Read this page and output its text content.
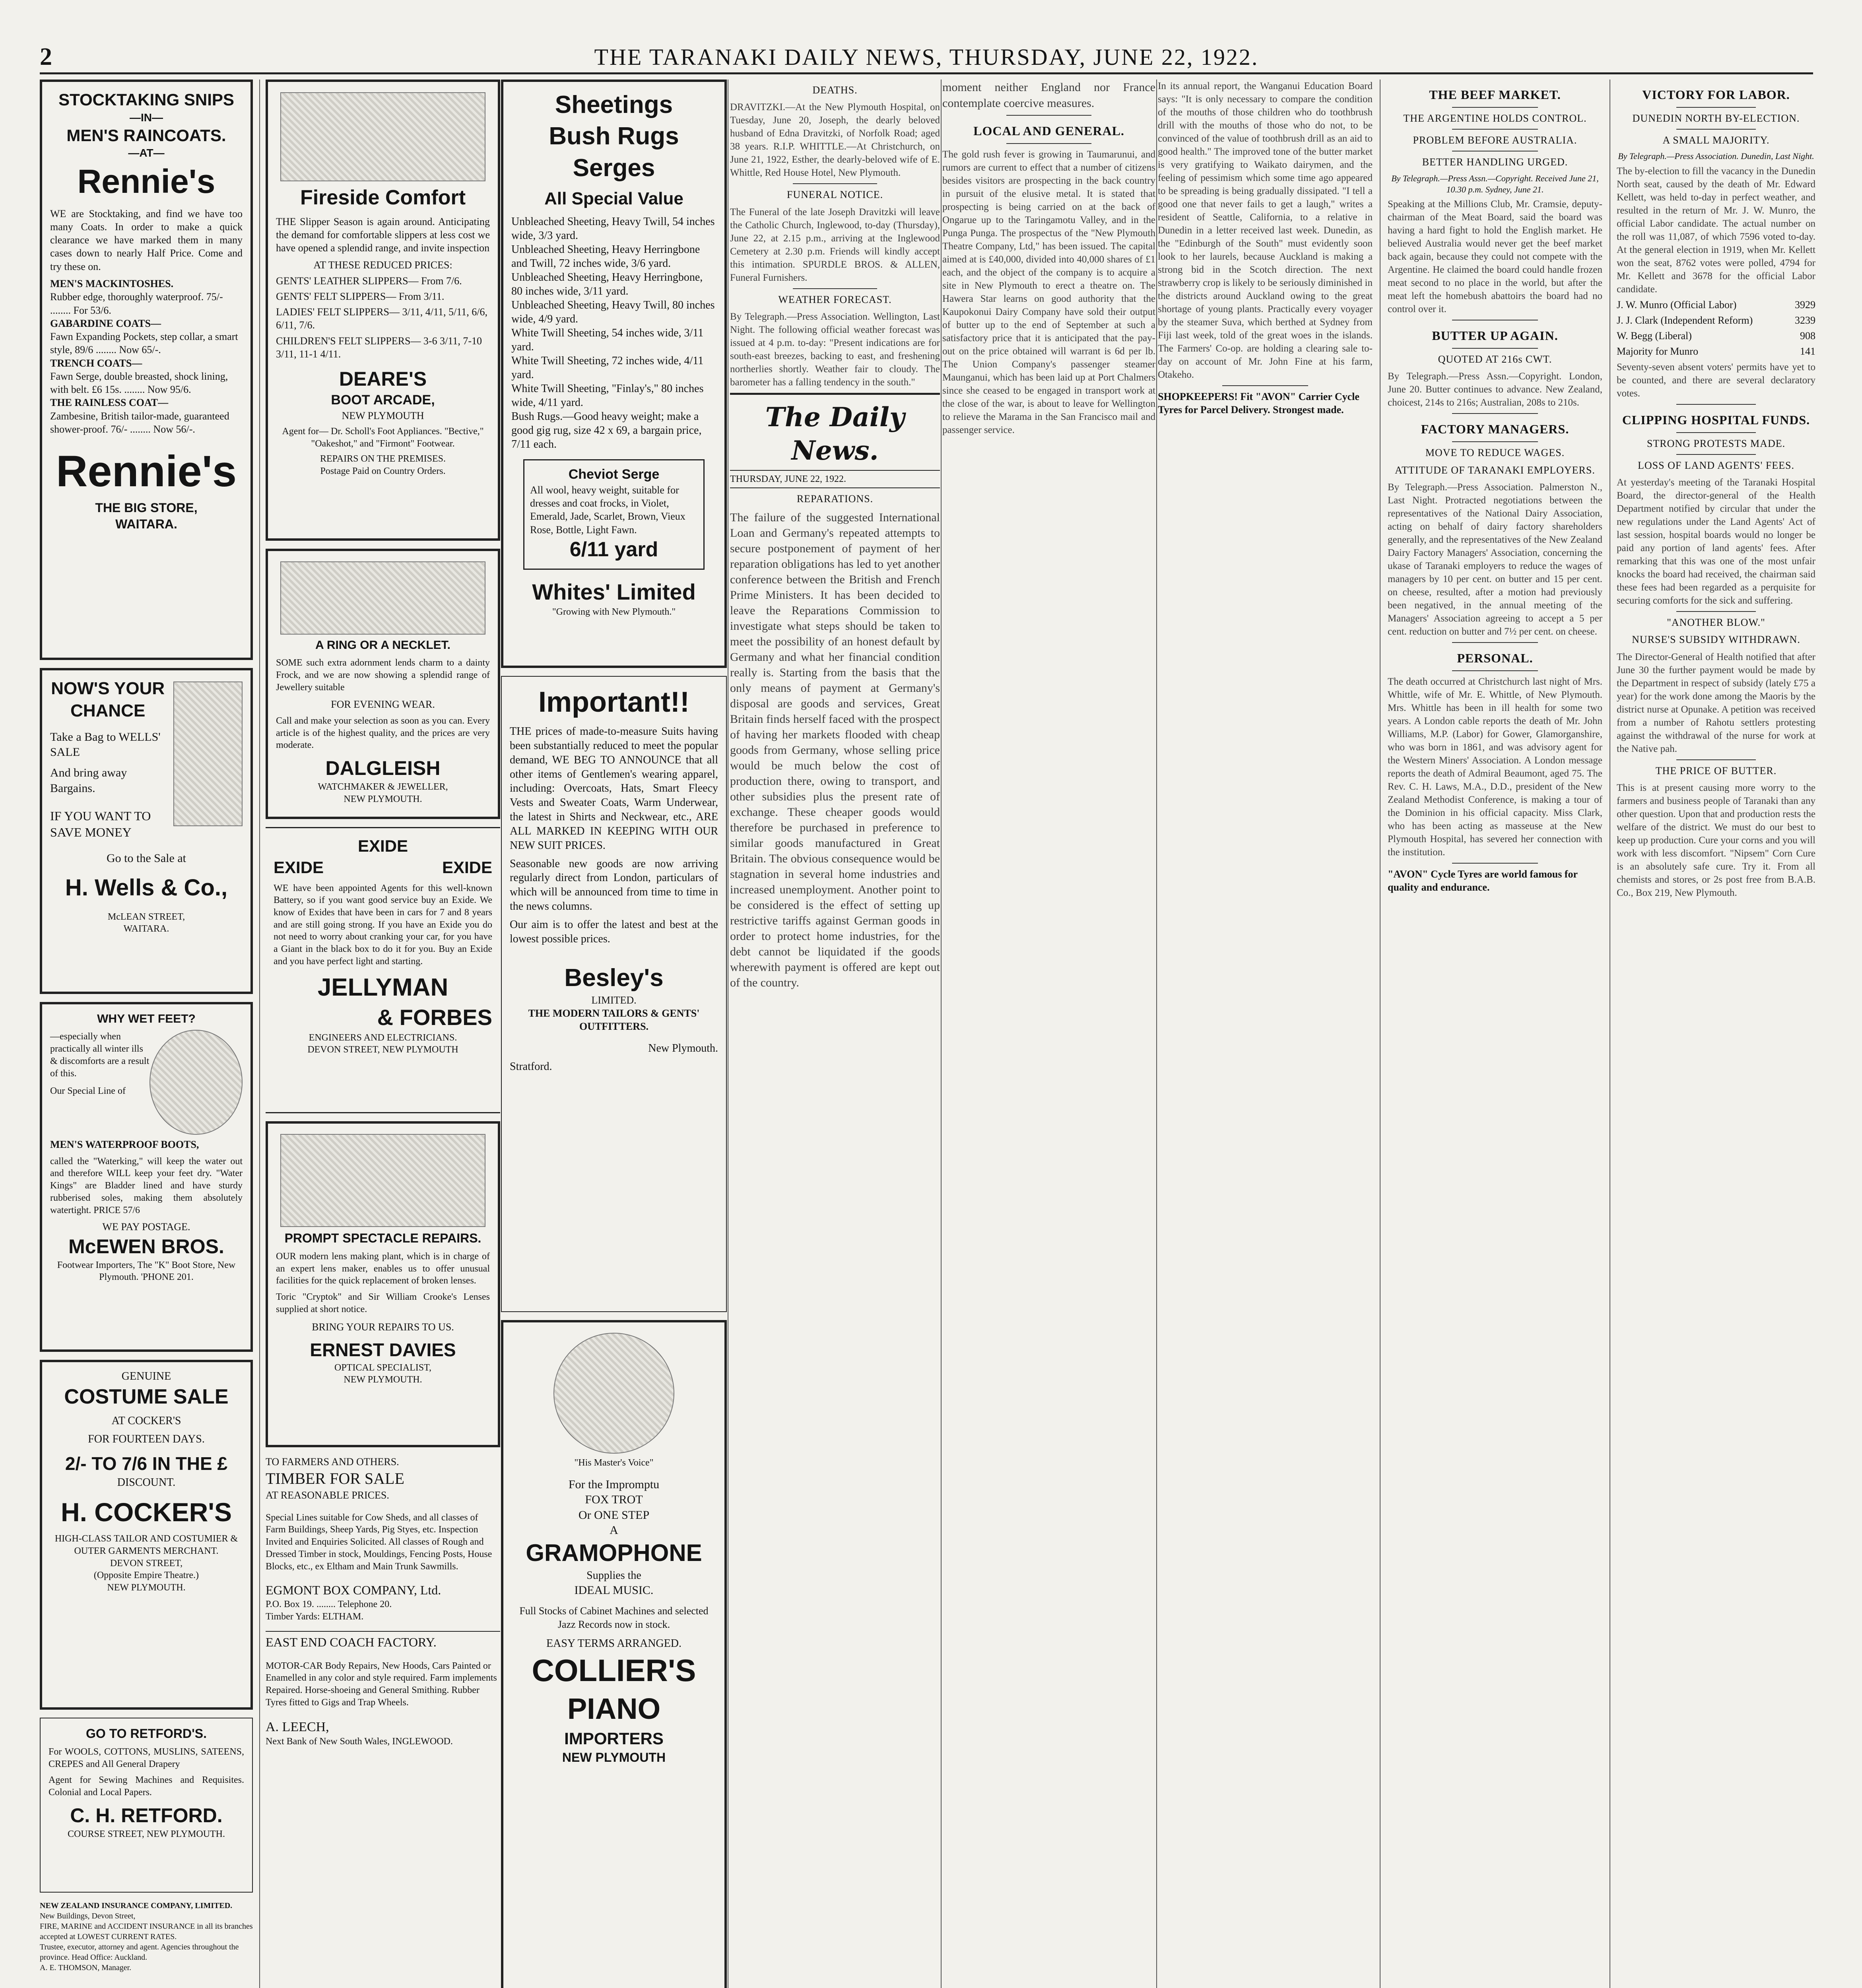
2	THE TARANAKI DAILY NEWS, THURSDAY, JUNE 22, 1922.
STOCKTAKING SNIPS
—IN—
MEN'S RAINCOATS.
—AT—
Rennie's

WE are Stocktaking, and find we have too many Coats. In order to make a quick clearance we have marked them in many cases down to nearly Half Price. Come and try these on.

MEN'S MACKINTOSHES.
Rubber edge, thoroughly waterproof. 75/- ........ For 53/6.
GABARDINE COATS—
Fawn Expanding Pockets, step collar, a smart style, 89/6 ........ Now 65/-.
TRENCH COATS—
Fawn Serge, double breasted, shock lining, with belt. £6 15s. ........ Now 95/6.
THE RAINLESS COAT—
Zambesine, British tailor-made, guaranteed shower-proof. 76/- ........ Now 56/-.
Rennie's
THE BIG STORE,
WAITARA.
NOW'S YOUR CHANCE
Take a Bag to WELLS' SALE
And bring away Bargains.
IF YOU WANT TO SAVE MONEY
Go to the Sale at
H. Wells & Co.,
McLEAN STREET,
WAITARA.
WHY WET FEET?
—especially when practically all winter ills & discomforts are a result of this.
Our Special Line of
MEN'S WATERPROOF BOOTS,

called the "Waterking," will keep the water out and therefore WILL keep your feet dry. "Water Kings" are Bladder lined and have sturdy rubberised soles, making them absolutely watertight. PRICE 57/6

WE PAY POSTAGE.
McEWEN BROS.
Footwear Importers, The "K" Boot Store, New Plymouth. 'PHONE 201.
GENUINE
COSTUME SALE
AT COCKER'S
FOR FOURTEEN DAYS.
2/- TO 7/6 IN THE £
DISCOUNT.
H. COCKER'S
HIGH-CLASS TAILOR AND COSTUMIER & OUTER GARMENTS MERCHANT.
DEVON STREET,
(Opposite Empire Theatre.)
NEW PLYMOUTH.
GO TO RETFORD'S.

For WOOLS, COTTONS, MUSLINS, SATEENS, CREPES and All General Drapery

Agent for Sewing Machines and Requisites. Colonial and Local Papers.

C. H. RETFORD.
COURSE STREET, NEW PLYMOUTH.
NEW ZEALAND INSURANCE COMPANY, LIMITED.
New Buildings, Devon Street,
FIRE, MARINE and ACCIDENT INSURANCE in all its branches accepted at LOWEST CURRENT RATES.
Trustee, executor, attorney and agent. Agencies throughout the province. Head Office: Auckland.
A. E. THOMSON, Manager.
Fireside Comfort

THE Slipper Season is again around. Anticipating the demand for comfortable slippers at less cost we have opened a splendid range, and invite inspection

AT THESE REDUCED PRICES:
GENTS' LEATHER SLIPPERS— From 7/6.
GENTS' FELT SLIPPERS— From 3/11.
LADIES' FELT SLIPPERS— 3/11, 4/11, 5/11, 6/6, 6/11, 7/6.
CHILDREN'S FELT SLIPPERS— 3-6 3/11, 7-10 3/11, 11-1 4/11.
DEARE'S
BOOT ARCADE,
NEW PLYMOUTH
Agent for— Dr. Scholl's Foot Appliances. "Bective," "Oakeshot," and "Firmont" Footwear.
REPAIRS ON THE PREMISES.
Postage Paid on Country Orders.
A RING OR A NECKLET.

SOME such extra adornment lends charm to a dainty Frock, and we are now showing a splendid range of Jewellery suitable

FOR EVENING WEAR.

Call and make your selection as soon as you can. Every article is of the highest quality, and the prices are very moderate.

DALGLEISH
WATCHMAKER & JEWELLER,
NEW PLYMOUTH.
EXIDE
EXIDE	EXIDE

WE have been appointed Agents for this well-known Battery, so if you want good service buy an Exide. We know of Exides that have been in cars for 7 and 8 years and are still going strong. If you have an Exide you do not need to worry about cranking your car, for you have a Giant in the black box to do it for you. Buy an Exide and you have perfect light and starting.

JELLYMAN
& FORBES
ENGINEERS AND ELECTRICIANS.
DEVON STREET, NEW PLYMOUTH
PROMPT SPECTACLE REPAIRS.

OUR modern lens making plant, which is in charge of an expert lens maker, enables us to offer unusual facilities for the quick replacement of broken lenses.

Toric "Cryptok" and Sir William Crooke's Lenses supplied at short notice.

BRING YOUR REPAIRS TO US.
ERNEST DAVIES
OPTICAL SPECIALIST,
NEW PLYMOUTH.
TO FARMERS AND OTHERS.
TIMBER FOR SALE
AT REASONABLE PRICES.

Special Lines suitable for Cow Sheds, and all classes of Farm Buildings, Sheep Yards, Pig Styes, etc. Inspection Invited and Enquiries Solicited. All classes of Rough and Dressed Timber in stock, Mouldings, Fencing Posts, House Blocks, etc., ex Eltham and Main Trunk Sawmills.

EGMONT BOX COMPANY, Ltd.
P.O. Box 19. ........ Telephone 20.
Timber Yards: ELTHAM.
EAST END COACH FACTORY.

MOTOR-CAR Body Repairs, New Hoods, Cars Painted or Enamelled in any color and style required. Farm implements Repaired. Horse-shoeing and General Smithing. Rubber Tyres fitted to Gigs and Trap Wheels.

A. LEECH,
Next Bank of New South Wales, INGLEWOOD.
Sheetings
Bush Rugs
Serges
All Special Value
Unbleached Sheeting, Heavy Twill, 54 inches wide, 3/3 yard.
Unbleached Sheeting, Heavy Herringbone and Twill, 72 inches wide, 3/6 yard.
Unbleached Sheeting, Heavy Herringbone, 80 inches wide, 3/11 yard.
Unbleached Sheeting, Heavy Twill, 80 inches wide, 4/9 yard.
White Twill Sheeting, 54 inches wide, 3/11 yard.
White Twill Sheeting, 72 inches wide, 4/11 yard.
White Twill Sheeting, "Finlay's," 80 inches wide, 4/11 yard.
Bush Rugs.—Good heavy weight; make a good gig rug, size 42 x 69, a bargain price, 7/11 each.
Cheviot Serge
All wool, heavy weight, suitable for dresses and coat frocks, in Violet, Emerald, Jade, Scarlet, Brown, Vieux Rose, Bottle, Light Fawn.
6/11 yard
Whites' Limited
"Growing with New Plymouth."
Important!!

THE prices of made-to-measure Suits having been substantially reduced to meet the popular demand, WE BEG TO ANNOUNCE that all other items of Gentlemen's wearing apparel, including: Overcoats, Hats, Smart Fleecy Vests and Sweater Coats, Warm Underwear, the latest in Shirts and Neckwear, etc., ARE ALL MARKED IN KEEPING WITH OUR NEW SUIT PRICES.

Seasonable new goods are now arriving regularly direct from London, particulars of which will be announced from time to time in the news columns.

Our aim is to offer the latest and best at the lowest possible prices.

Besley's
LIMITED.
THE MODERN TAILORS & GENTS' OUTFITTERS.
New Plymouth.
Stratford.
"His Master's Voice"
For the Impromptu
FOX TROT
Or ONE STEP
A
GRAMOPHONE
Supplies the
IDEAL MUSIC.
Full Stocks of Cabinet Machines and selected Jazz Records now in stock.
EASY TERMS ARRANGED.
COLLIER'S
PIANO
IMPORTERS
NEW PLYMOUTH
DEATHS.
DRAVITZKI.—At the New Plymouth Hospital, on Tuesday, June 20, Joseph, the dearly beloved husband of Edna Dravitzki, of Norfolk Road; aged 38 years. R.I.P. WHITTLE.—At Christchurch, on June 21, 1922, Esther, the dearly-beloved wife of E. Whittle, Red House Hotel, New Plymouth.
FUNERAL NOTICE.
The Funeral of the late Joseph Dravitzki will leave the Catholic Church, Inglewood, to-day (Thursday), June 22, at 2.15 p.m., arriving at the Inglewood Cemetery at 2.30 p.m. Friends will kindly accept this intimation. SPURDLE BROS. & ALLEN, Funeral Furnishers.
WEATHER FORECAST.
By Telegraph.—Press Association. Wellington, Last Night. The following official weather forecast was issued at 4 p.m. to-day: "Present indications are for south-east breezes, backing to east, and freshening northerlies shortly. Weather fair to cloudy. The barometer has a falling tendency in the south."
The Daily News.
THURSDAY, JUNE 22, 1922.
REPARATIONS.
The failure of the suggested International Loan and Germany's repeated attempts to secure postponement of payment of her reparation obligations has led to yet another conference between the British and French Prime Ministers. It has been decided to leave the Reparations Commission to investigate what steps should be taken to meet the possibility of an honest default by Germany and what her financial condition really is. Starting from the basis that the only means of payment at Germany's disposal are goods and services, Great Britain finds herself faced with the prospect of having her markets flooded with cheap goods from Germany, whose selling price would be much below the cost of production there, owing to transport, and other subsidies plus the present rate of exchange. These cheaper goods would therefore be purchased in preference to similar goods manufactured in Great Britain. The obvious consequence would be stagnation in several home industries and increased unemployment. Another point to be considered is the effect of setting up restrictive tariffs against German goods in order to protect home industries, for the debt cannot be liquidated if the goods wherewith payment is offered are kept out of the country.
moment neither England nor France contemplate coercive measures.
LOCAL AND GENERAL.
The gold rush fever is growing in Taumarunui, and rumors are current to effect that a number of citizens besides visitors are prospecting in the back country in pursuit of the elusive metal. It is stated that prospecting is being carried on at the back of Ongarue up to the Taringamotu Valley, and in the Punga Punga. The prospectus of the "New Plymouth Theatre Company, Ltd," has been issued. The capital aimed at is £40,000, divided into 40,000 shares of £1 each, and the object of the company is to acquire a site in New Plymouth to erect a theatre on. The Hawera Star learns on good authority that the Kaupokonui Dairy Company have sold their output of butter up to the end of September at such a satisfactory price that it is anticipated that the pay-out on the price obtained will warrant is 6d per lb. The Union Company's passenger steamer Maunganui, which has been laid up at Port Chalmers since she ceased to be engaged in transport work at the close of the war, is about to leave for Wellington to relieve the Marama in the San Francisco mail and passenger service.
In its annual report, the Wanganui Education Board says: "It is only necessary to compare the condition of the mouths of those children who do toothbrush drill with the mouths of those who do not, to be convinced of the value of toothbrush drill as an aid to good health." The improved tone of the butter market is very gratifying to Waikato dairymen, and the feeling of pessimism which some time ago appeared to be spreading is being gradually dissipated. "I tell a good one that never fails to get a laugh," writes a resident of Seattle, California, to a relative in Dunedin in a letter received last week. Dunedin, as the "Edinburgh of the South" must evidently soon look to her laurels, because Auckland is making a strong bid in the Scotch direction. The next strawberry crop is likely to be seriously diminished in the districts around Auckland owing to the great shortage of young plants. Practically every voyager by the steamer Suva, which berthed at Sydney from Fiji last week, told of the great woes in the islands. The Farmers' Co-op. are holding a clearing sale to-day on account of Mr. John Fine at his farm, Otakeho.
SHOPKEEPERS! Fit "AVON" Carrier Cycle Tyres for Parcel Delivery. Strongest made.
THE BEEF MARKET.
THE ARGENTINE HOLDS CONTROL.
PROBLEM BEFORE AUSTRALIA.
BETTER HANDLING URGED.
By Telegraph.—Press Assn.—Copyright. Received June 21, 10.30 p.m. Sydney, June 21.
Speaking at the Millions Club, Mr. Cramsie, deputy-chairman of the Meat Board, said the board was having a hard fight to hold the English market. He believed Australia would never get the beef market back again, because they could not compete with the Argentine. He claimed the board could handle frozen meat second to no place in the world, but after the meat left the homebush abattoirs the board had no control over it.
BUTTER UP AGAIN.
QUOTED AT 216s CWT.
By Telegraph.—Press Assn.—Copyright. London, June 20. Butter continues to advance. New Zealand, choicest, 214s to 216s; Australian, 208s to 210s.
FACTORY MANAGERS.
MOVE TO REDUCE WAGES.
ATTITUDE OF TARANAKI EMPLOYERS.
By Telegraph.—Press Association. Palmerston N., Last Night. Protracted negotiations between the representatives of the National Dairy Association, acting on behalf of dairy factory shareholders generally, and the representatives of the New Zealand Dairy Factory Managers' Association, concerning the ukase of Taranaki employers to reduce the wages of managers by 10 per cent. on butter and 15 per cent. on cheese, resulted, after a motion had previously been negatived, in the annual meeting of the Managers' Association agreeing to accept a 5 per cent. reduction on butter and 7½ per cent. on cheese.
PERSONAL.
The death occurred at Christchurch last night of Mrs. Whittle, wife of Mr. E. Whittle, of New Plymouth. Mrs. Whittle has been in ill health for some two years. A London cable reports the death of Mr. John Williams, M.P. (Labor) for Gower, Glamorganshire, who was born in 1861, and was advisory agent for the Western Miners' Association. A London message reports the death of Admiral Beaumont, aged 75. The Rev. C. H. Laws, M.A., D.D., president of the New Zealand Methodist Conference, is making a tour of the Dominion in his official capacity. Miss Clark, who has been acting as masseuse at the New Plymouth Hospital, has severed her connection with the institution.
"AVON" Cycle Tyres are world famous for quality and endurance.
VICTORY FOR LABOR.
DUNEDIN NORTH BY-ELECTION.
A SMALL MAJORITY.
By Telegraph.—Press Association. Dunedin, Last Night.
The by-election to fill the vacancy in the Dunedin North seat, caused by the death of Mr. Edward Kellett, was held to-day in perfect weather, and resulted in the return of Mr. J. W. Munro, the official Labor candidate. The actual number on the roll was 11,087, of which 7596 voted to-day. At the general election in 1919, when Mr. Kellett won the seat, 8762 votes were polled, 4794 for Mr. Kellett and 3678 for the official Labor candidate.
J. W. Munro (Official Labor)	3929
J. J. Clark (Independent Reform)	3239
W. Begg (Liberal)	908
Majority for Munro	141
Seventy-seven absent voters' permits have yet to be counted, and there are several declaratory votes.
CLIPPING HOSPITAL FUNDS.
STRONG PROTESTS MADE.
LOSS OF LAND AGENTS' FEES.
At yesterday's meeting of the Taranaki Hospital Board, the director-general of the Health Department notified by circular that under the new regulations under the Land Agents' Act of last session, hospital boards would no longer be paid any portion of land agents' fees. After remarking that this was one of the most unfair knocks the board had received, the chairman said these fees had been regarded as a perquisite for securing comforts for the sick and suffering.
"ANOTHER BLOW."
NURSE'S SUBSIDY WITHDRAWN.
The Director-General of Health notified that after June 30 the further payment would be made by the Department in respect of subsidy (lately £75 a year) for the work done among the Maoris by the district nurse at Opunake. A petition was received from a number of Rahotu settlers protesting against the withdrawal of the nurse for work at the Native pah.
THE PRICE OF BUTTER.
This is at present causing more worry to the farmers and business people of Taranaki than any other question. Upon that and production rests the welfare of the district. We must do our best to keep up production. Cure your corns and you will work with less discomfort. "Nipsem" Corn Cure is an absolutely safe cure. Try it. From all chemists and stores, or 2s post free from B.A.B. Co., Box 219, New Plymouth.
